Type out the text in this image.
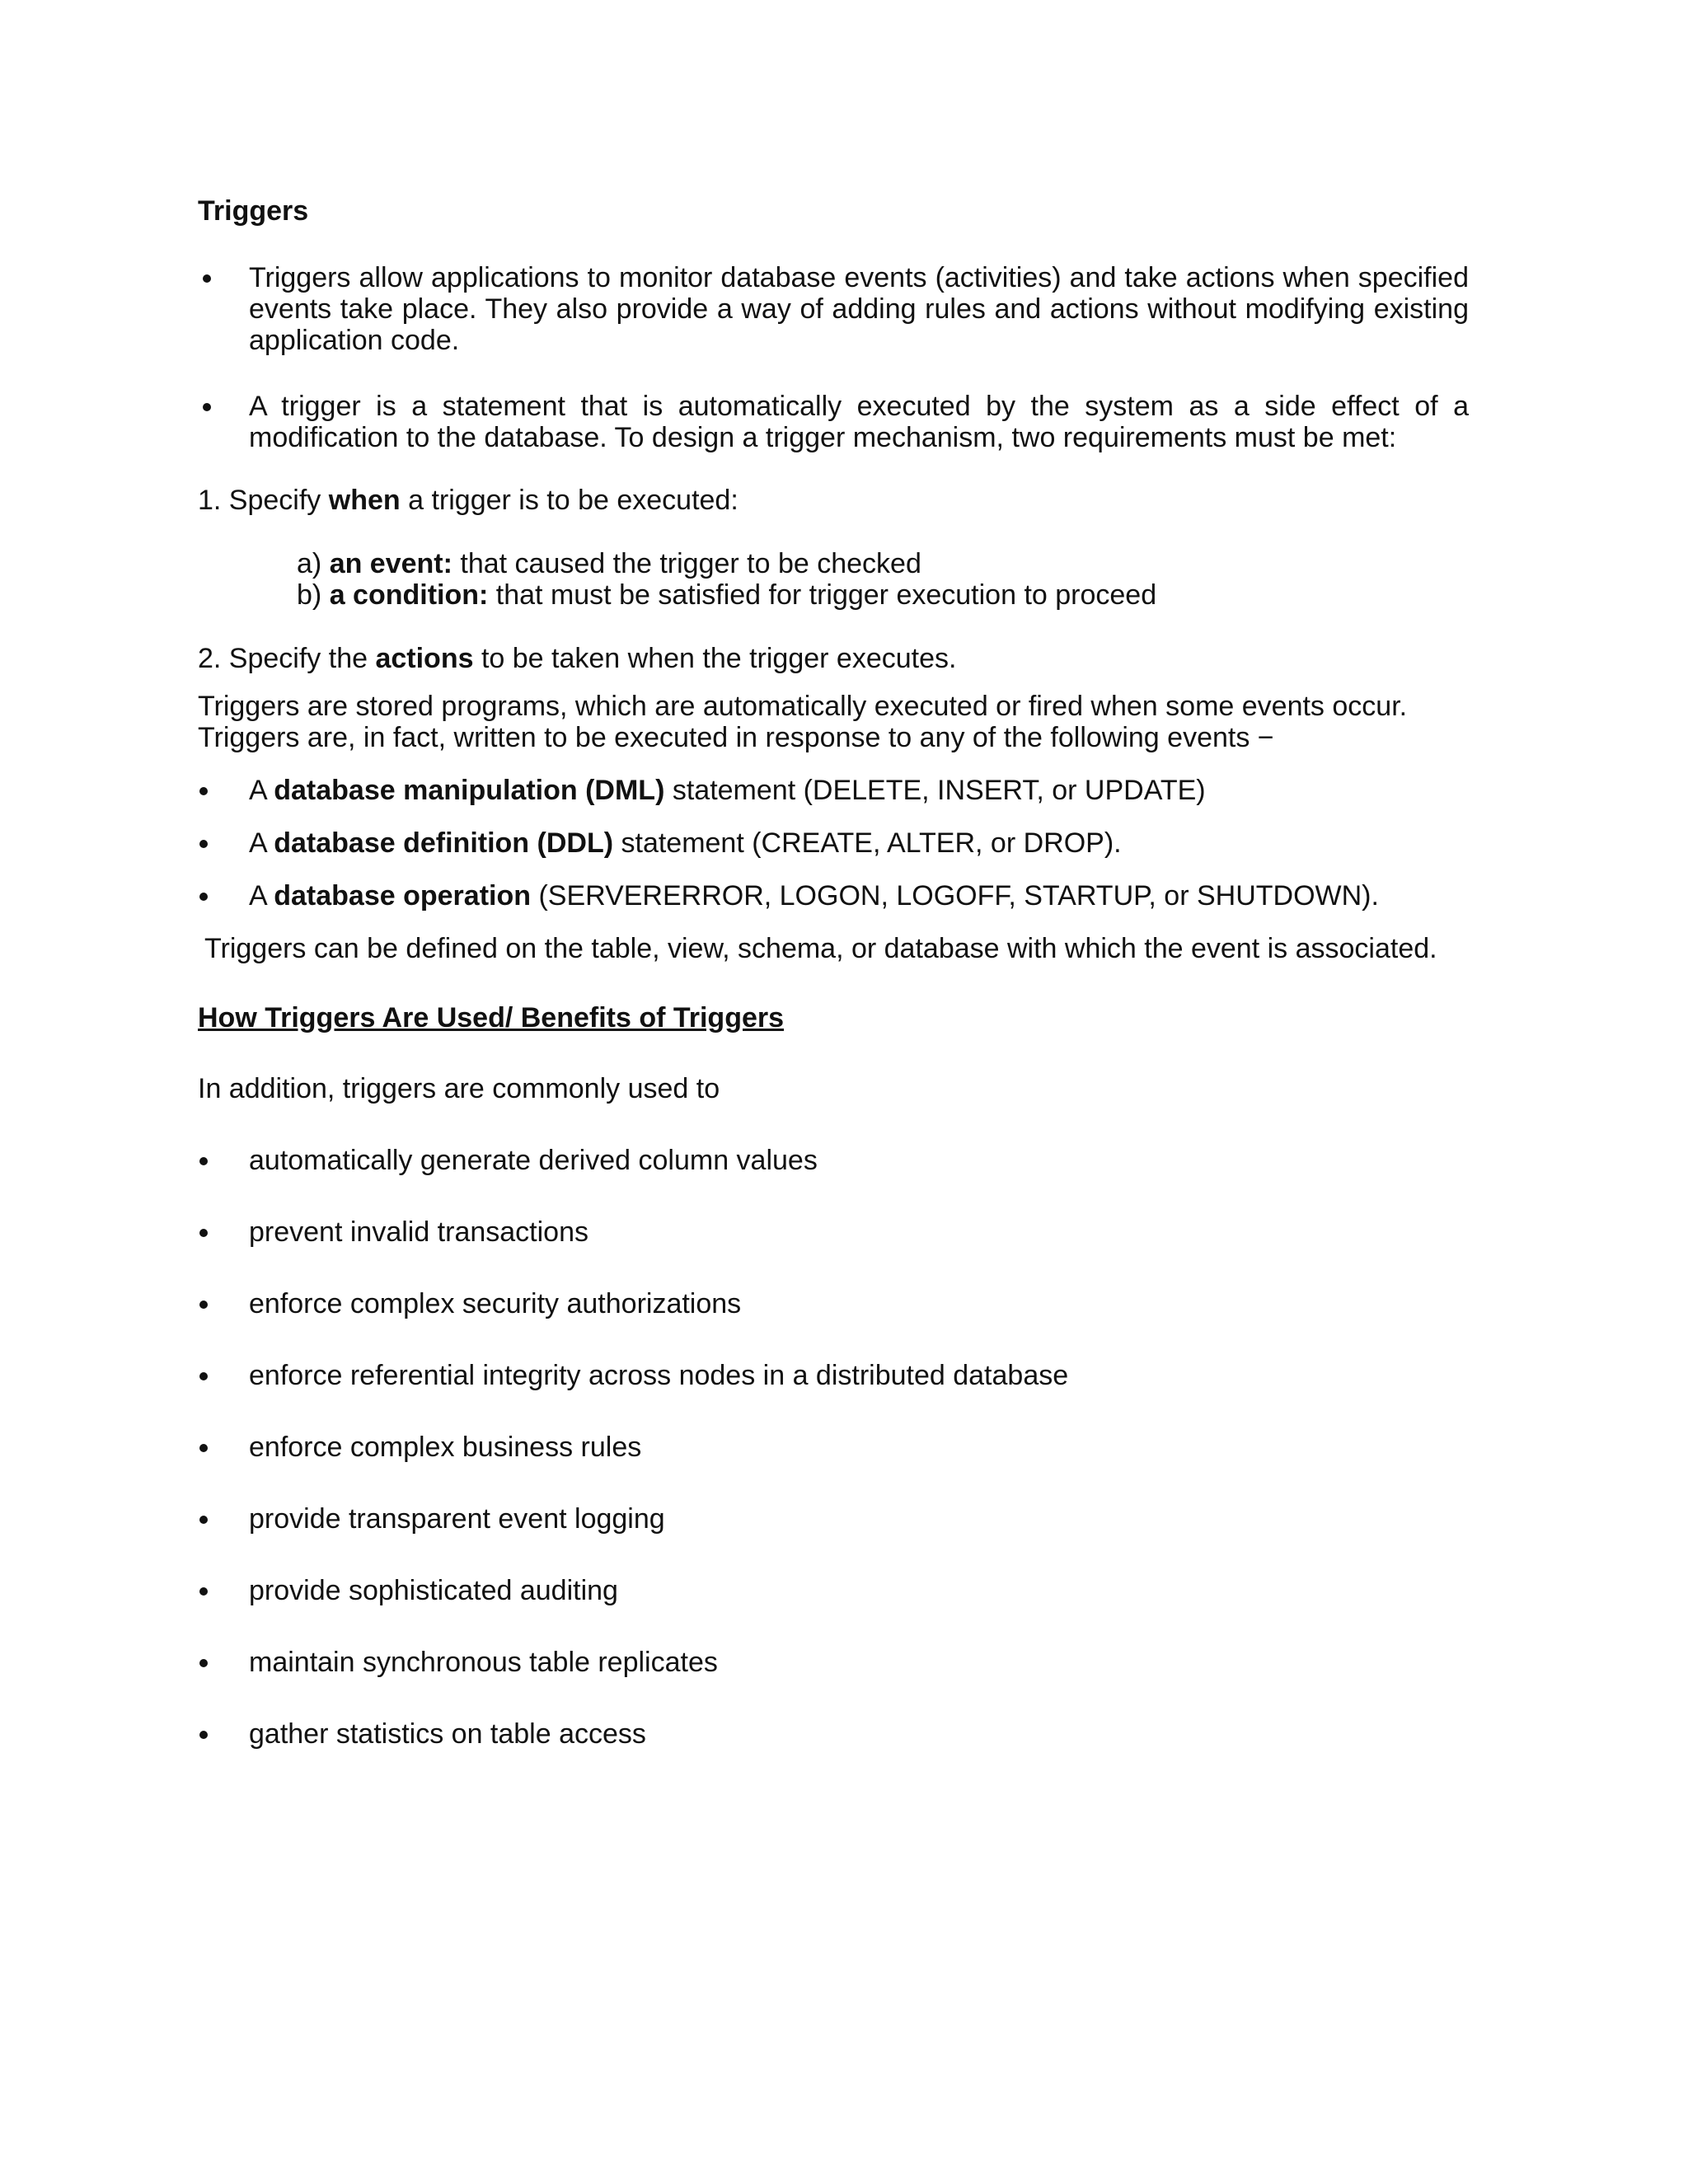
Triggers
Triggers allow applications to monitor database events (activities) and take actions when specified events take place. They also provide a way of adding rules and actions without modifying existing application code.
A trigger is a statement that is automatically executed by the system as a side effect of a modification to the database. To design a trigger mechanism, two requirements must be met:
1. Specify when a trigger is to be executed:
a) an event: that caused the trigger to be checked
b) a condition: that must be satisfied for trigger execution to proceed
2. Specify the actions to be taken when the trigger executes.
Triggers are stored programs, which are automatically executed or fired when some events occur. Triggers are, in fact, written to be executed in response to any of the following events −
A database manipulation (DML) statement (DELETE, INSERT, or UPDATE)
A database definition (DDL) statement (CREATE, ALTER, or DROP).
A database operation (SERVERERROR, LOGON, LOGOFF, STARTUP, or SHUTDOWN).
Triggers can be defined on the table, view, schema, or database with which the event is associated.
How Triggers Are Used/ Benefits of Triggers
In addition, triggers are commonly used to
automatically generate derived column values
prevent invalid transactions
enforce complex security authorizations
enforce referential integrity across nodes in a distributed database
enforce complex business rules
provide transparent event logging
provide sophisticated auditing
maintain synchronous table replicates
gather statistics on table access
